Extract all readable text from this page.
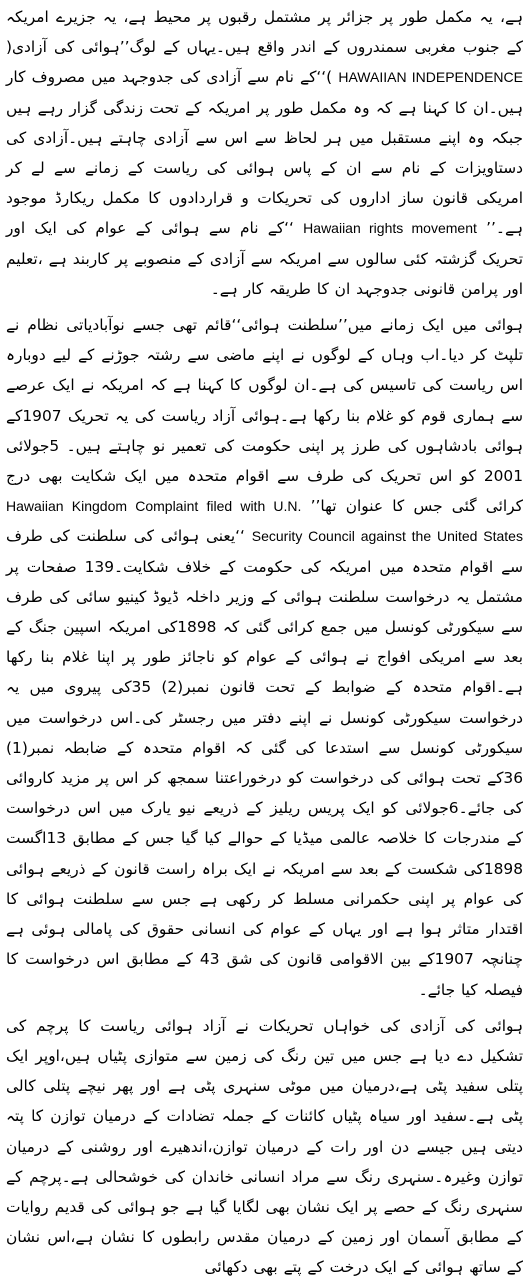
ہے، یہ مکمل طور پر جزائر پر مشتمل رقبوں پر محیط ہے، یہ جزیرے امریکہ کے جنوب مغربی سمندروں کے اندر واقع ہیں۔یہاں کے لوگ’’ہوائی کی آزادی( HAWAIIAN INDEPENDENCE )‘‘کے نام سے آزادی کی جدوجہد میں مصروف کار ہیں۔ان کا کہنا ہے کہ وہ مکمل طور پر امریکہ کے تحت زندگی گزار رہے ہیں جبکہ وہ اپنے مستقبل میں ہر لحاظ سے اس سے آزادی چاہتے ہیں۔آزادی کی دستاویزات کے نام سے ان کے پاس ہوائی کی ریاست کے زمانے سے لے کر امریکی قانون ساز اداروں کی تحریکات و قراردادوں کا مکمل ریکارڈ موجود ہے۔’’ Hawaiian rights movement ‘‘کے نام سے ہوائی کے عوام کی ایک اور تحریک گزشتہ کئی سالوں سے امریکہ سے آزادی کے منصوبے پر کاربند ہے ،تعلیم اور پرامن قانونی جدوجہد ان کا طریقہ کار ہے۔

ہوائی میں ایک زمانے میں’’سلطنت ہوائی‘‘قائم تھی جسے نوآبادیاتی نظام نے تلپٹ کر دیا۔اب وہاں کے لوگوں نے اپنے ماضی سے رشتہ جوڑنے کے لیے دوبارہ اس ریاست کی تاسیس کی ہے۔ان لوگوں کا کہنا ہے کہ امریکہ نے ایک عرصے سے ہماری قوم کو غلام بنا رکھا ہے۔ہوائی آزاد ریاست کی یہ تحریک 1907کے ہوائی بادشاہوں کی طرز پر اپنی حکومت کی تعمیر نو چاہتے ہیں۔ 5جولائی 2001 کو اس تحریک کی طرف سے اقوام متحدہ میں ایک شکایت بھی درج کرائی گئی جس کا عنوان تھا’’ Hawaiian Kingdom Complaint filed with U.N. Security Council against the United States ‘‘یعنی ہوائی کی سلطنت کی طرف سے اقوام متحدہ میں امریکہ کی حکومت کے خلاف شکایت۔139 صفحات پر مشتمل یہ درخواست سلطنت ہوائی کے وزیر داخلہ ڈیوڈ کینیو سائی کی طرف سے سیکورٹی کونسل میں جمع کرائی گئی کہ 1898کی امریکہ اسپین جنگ کے بعد سے امریکی افواج نے ہوائی کے عوام کو ناجائز طور پر اپنا غلام بنا رکھا ہے۔اقوام متحدہ کے ضوابط کے تحت قانون نمبر(2) 35کی پیروی میں یہ درخواست سیکورٹی کونسل نے اپنے دفتر میں رجسٹر کی۔اس درخواست میں سیکورٹی کونسل سے استدعا کی گئی کہ اقوام متحدہ کے ضابطہ نمبر(1) 36کے تحت ہوائی کی درخواست کو درخوراعتنا سمجھ کر اس پر مزید کاروائی کی جائے۔6جولائی کو ایک پریس ریلیز کے ذریعے نیو یارک میں اس درخواست کے مندرجات کا خلاصہ عالمی میڈیا کے حوالے کیا گیا جس کے مطابق 13اگست 1898کی شکست کے بعد سے امریکہ نے ایک براہ راست قانون کے ذریعے ہوائی کی عوام پر اپنی حکمرانی مسلط کر رکھی ہے جس سے سلطنت ہوائی کا اقتدار متاثر ہوا ہے اور یہاں کے عوام کی انسانی حقوق کی پامالی ہوئی ہے چنانچہ 1907کے بین الاقوامی قانون کی شق 43 کے مطابق اس درخواست کا فیصلہ کیا جائے۔

ہوائی کی آزادی کی خواہاں تحریکات نے آزاد ہوائی ریاست کا پرچم کی تشکیل دے دیا ہے جس میں تین رنگ کی زمین سے متوازی پٹیاں ہیں،اوپر ایک پتلی سفید پٹی ہے،درمیان میں موٹی سنہری پٹی ہے اور پھر نیچے پتلی کالی پٹی ہے۔سفید اور سیاہ پٹیاں کائنات کے جملہ تضادات کے درمیان توازن کا پتہ دیتی ہیں جیسے دن اور رات کے درمیان توازن،اندھیرے اور روشنی کے درمیان توازن وغیرہ۔سنہری رنگ سے مراد انسانی خاندان کی خوشحالی ہے۔پرچم کے سنہری رنگ کے حصے پر ایک نشان بھی لگایا گیا ہے جو ہوائی کی قدیم روایات کے مطابق آسمان اور زمین کے درمیان مقدس رابطوں کا نشان ہے،اس نشان کے ساتھ ہوائی کے ایک درخت کے پتے بھی دکھائی
